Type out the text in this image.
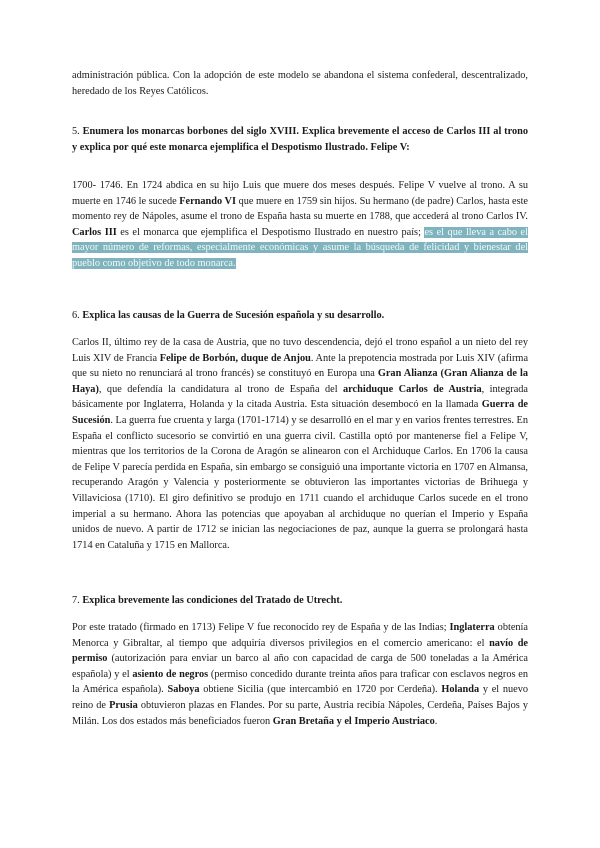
administración pública. Con la adopción de este modelo se abandona el sistema confederal, descentralizado, heredado de los Reyes Católicos.

5. Enumera los monarcas borbones del siglo XVIII. Explica brevemente el acceso de Carlos III al trono y explica por qué este monarca ejemplifica el Despotismo Ilustrado. Felipe V:

1700- 1746. En 1724 abdica en su hijo Luis que muere dos meses después. Felipe V vuelve al trono. A su muerte en 1746 le sucede Fernando VI que muere en 1759 sin hijos. Su hermano (de padre) Carlos, hasta este momento rey de Nápoles, asume el trono de España hasta su muerte en 1788, que accederá al trono Carlos IV. Carlos III es el monarca que ejemplifica el Despotismo Ilustrado en nuestro país; es el que lleva a cabo el mayor número de reformas, especialmente económicas y asume la búsqueda de felicidad y bienestar del pueblo como objetivo de todo monarca.

6. Explica las causas de la Guerra de Sucesión española y su desarrollo.

Carlos II, último rey de la casa de Austria, que no tuvo descendencia, dejó el trono español a un nieto del rey Luis XIV de Francia Felipe de Borbón, duque de Anjou. Ante la prepotencia mostrada por Luis XIV (afirma que su nieto no renunciará al trono francés) se constituyó en Europa una Gran Alianza (Gran Alianza de la Haya), que defendía la candidatura al trono de España del archiduque Carlos de Austria, integrada básicamente por Inglaterra, Holanda y la citada Austria. Esta situación desembocó en la llamada Guerra de Sucesión. La guerra fue cruenta y larga (1701-1714) y se desarrolló en el mar y en varios frentes terrestres. En España el conflicto sucesorio se convirtió en una guerra civil. Castilla optó por mantenerse fiel a Felipe V, mientras que los territorios de la Corona de Aragón se alinearon con el Archiduque Carlos. En 1706 la causa de Felipe V parecía perdida en España, sin embargo se consiguió una importante victoria en 1707 en Almansa, recuperando Aragón y Valencia y posteriormente se obtuvieron las importantes victorias de Brihuega y Villaviciosa (1710). El giro definitivo se produjo en 1711 cuando el archiduque Carlos sucede en el trono imperial a su hermano. Ahora las potencias que apoyaban al archiduque no querían el Imperio y España unidos de nuevo. A partir de 1712 se inician las negociaciones de paz, aunque la guerra se prolongará hasta 1714 en Cataluña y 1715 en Mallorca.

7. Explica brevemente las condiciones del Tratado de Utrecht.

Por este tratado (firmado en 1713) Felipe V fue reconocido rey de España y de las Indias; Inglaterra obtenía Menorca y Gibraltar, al tiempo que adquiría diversos privilegios en el comercio americano: el navío de permiso (autorización para enviar un barco al año con capacidad de carga de 500 toneladas a la América española) y el asiento de negros (permiso concedido durante treinta años para traficar con esclavos negros en la América española). Saboya obtiene Sicilia (que intercambió en 1720 por Cerdeña). Holanda y el nuevo reino de Prusia obtuvieron plazas en Flandes. Por su parte, Austria recibía Nápoles, Cerdeña, Países Bajos y Milán. Los dos estados más beneficiados fueron Gran Bretaña y el Imperio Austriaco.
